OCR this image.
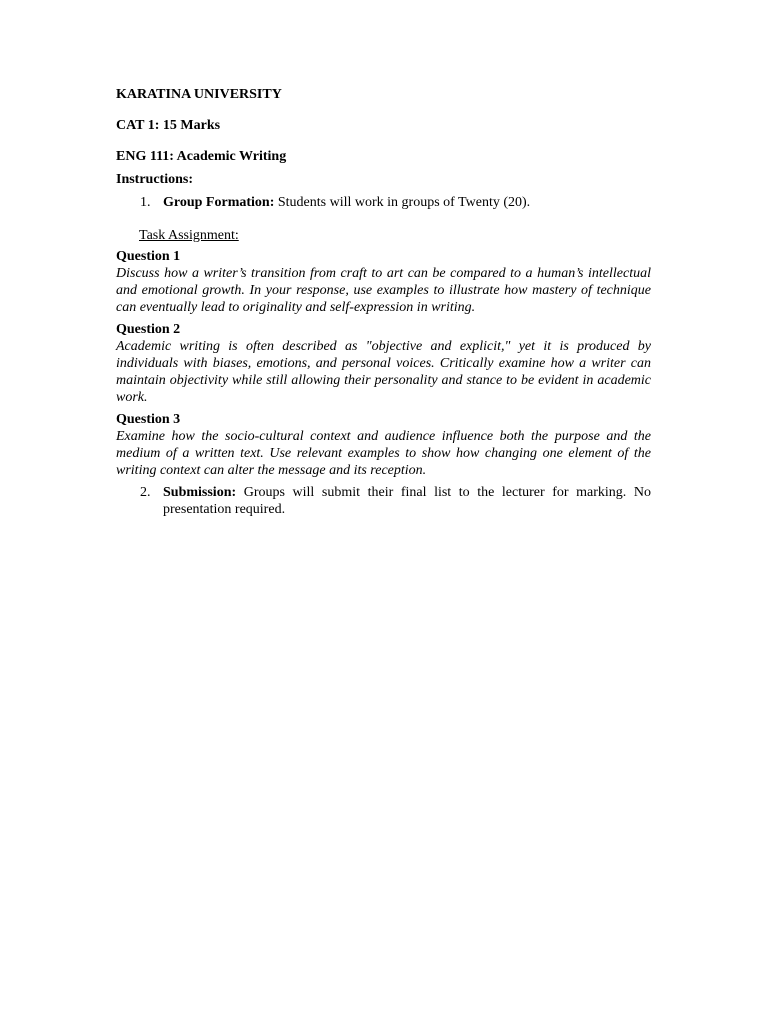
KARATINA UNIVERSITY

CAT 1: 15 Marks

ENG 111: Academic Writing

Instructions:

1. Group Formation: Students will work in groups of Twenty (20).

Task Assignment:

Question 1

Discuss how a writer’s transition from craft to art can be compared to a human’s intellectual and emotional growth. In your response, use examples to illustrate how mastery of technique can eventually lead to originality and self-expression in writing.

Question 2

Academic writing is often described as "objective and explicit," yet it is produced by individuals with biases, emotions, and personal voices. Critically examine how a writer can maintain objectivity while still allowing their personality and stance to be evident in academic work.

Question 3

Examine how the socio-cultural context and audience influence both the purpose and the medium of a written text. Use relevant examples to show how changing one element of the writing context can alter the message and its reception.

2. Submission: Groups will submit their final list to the lecturer for marking. No presentation required.
